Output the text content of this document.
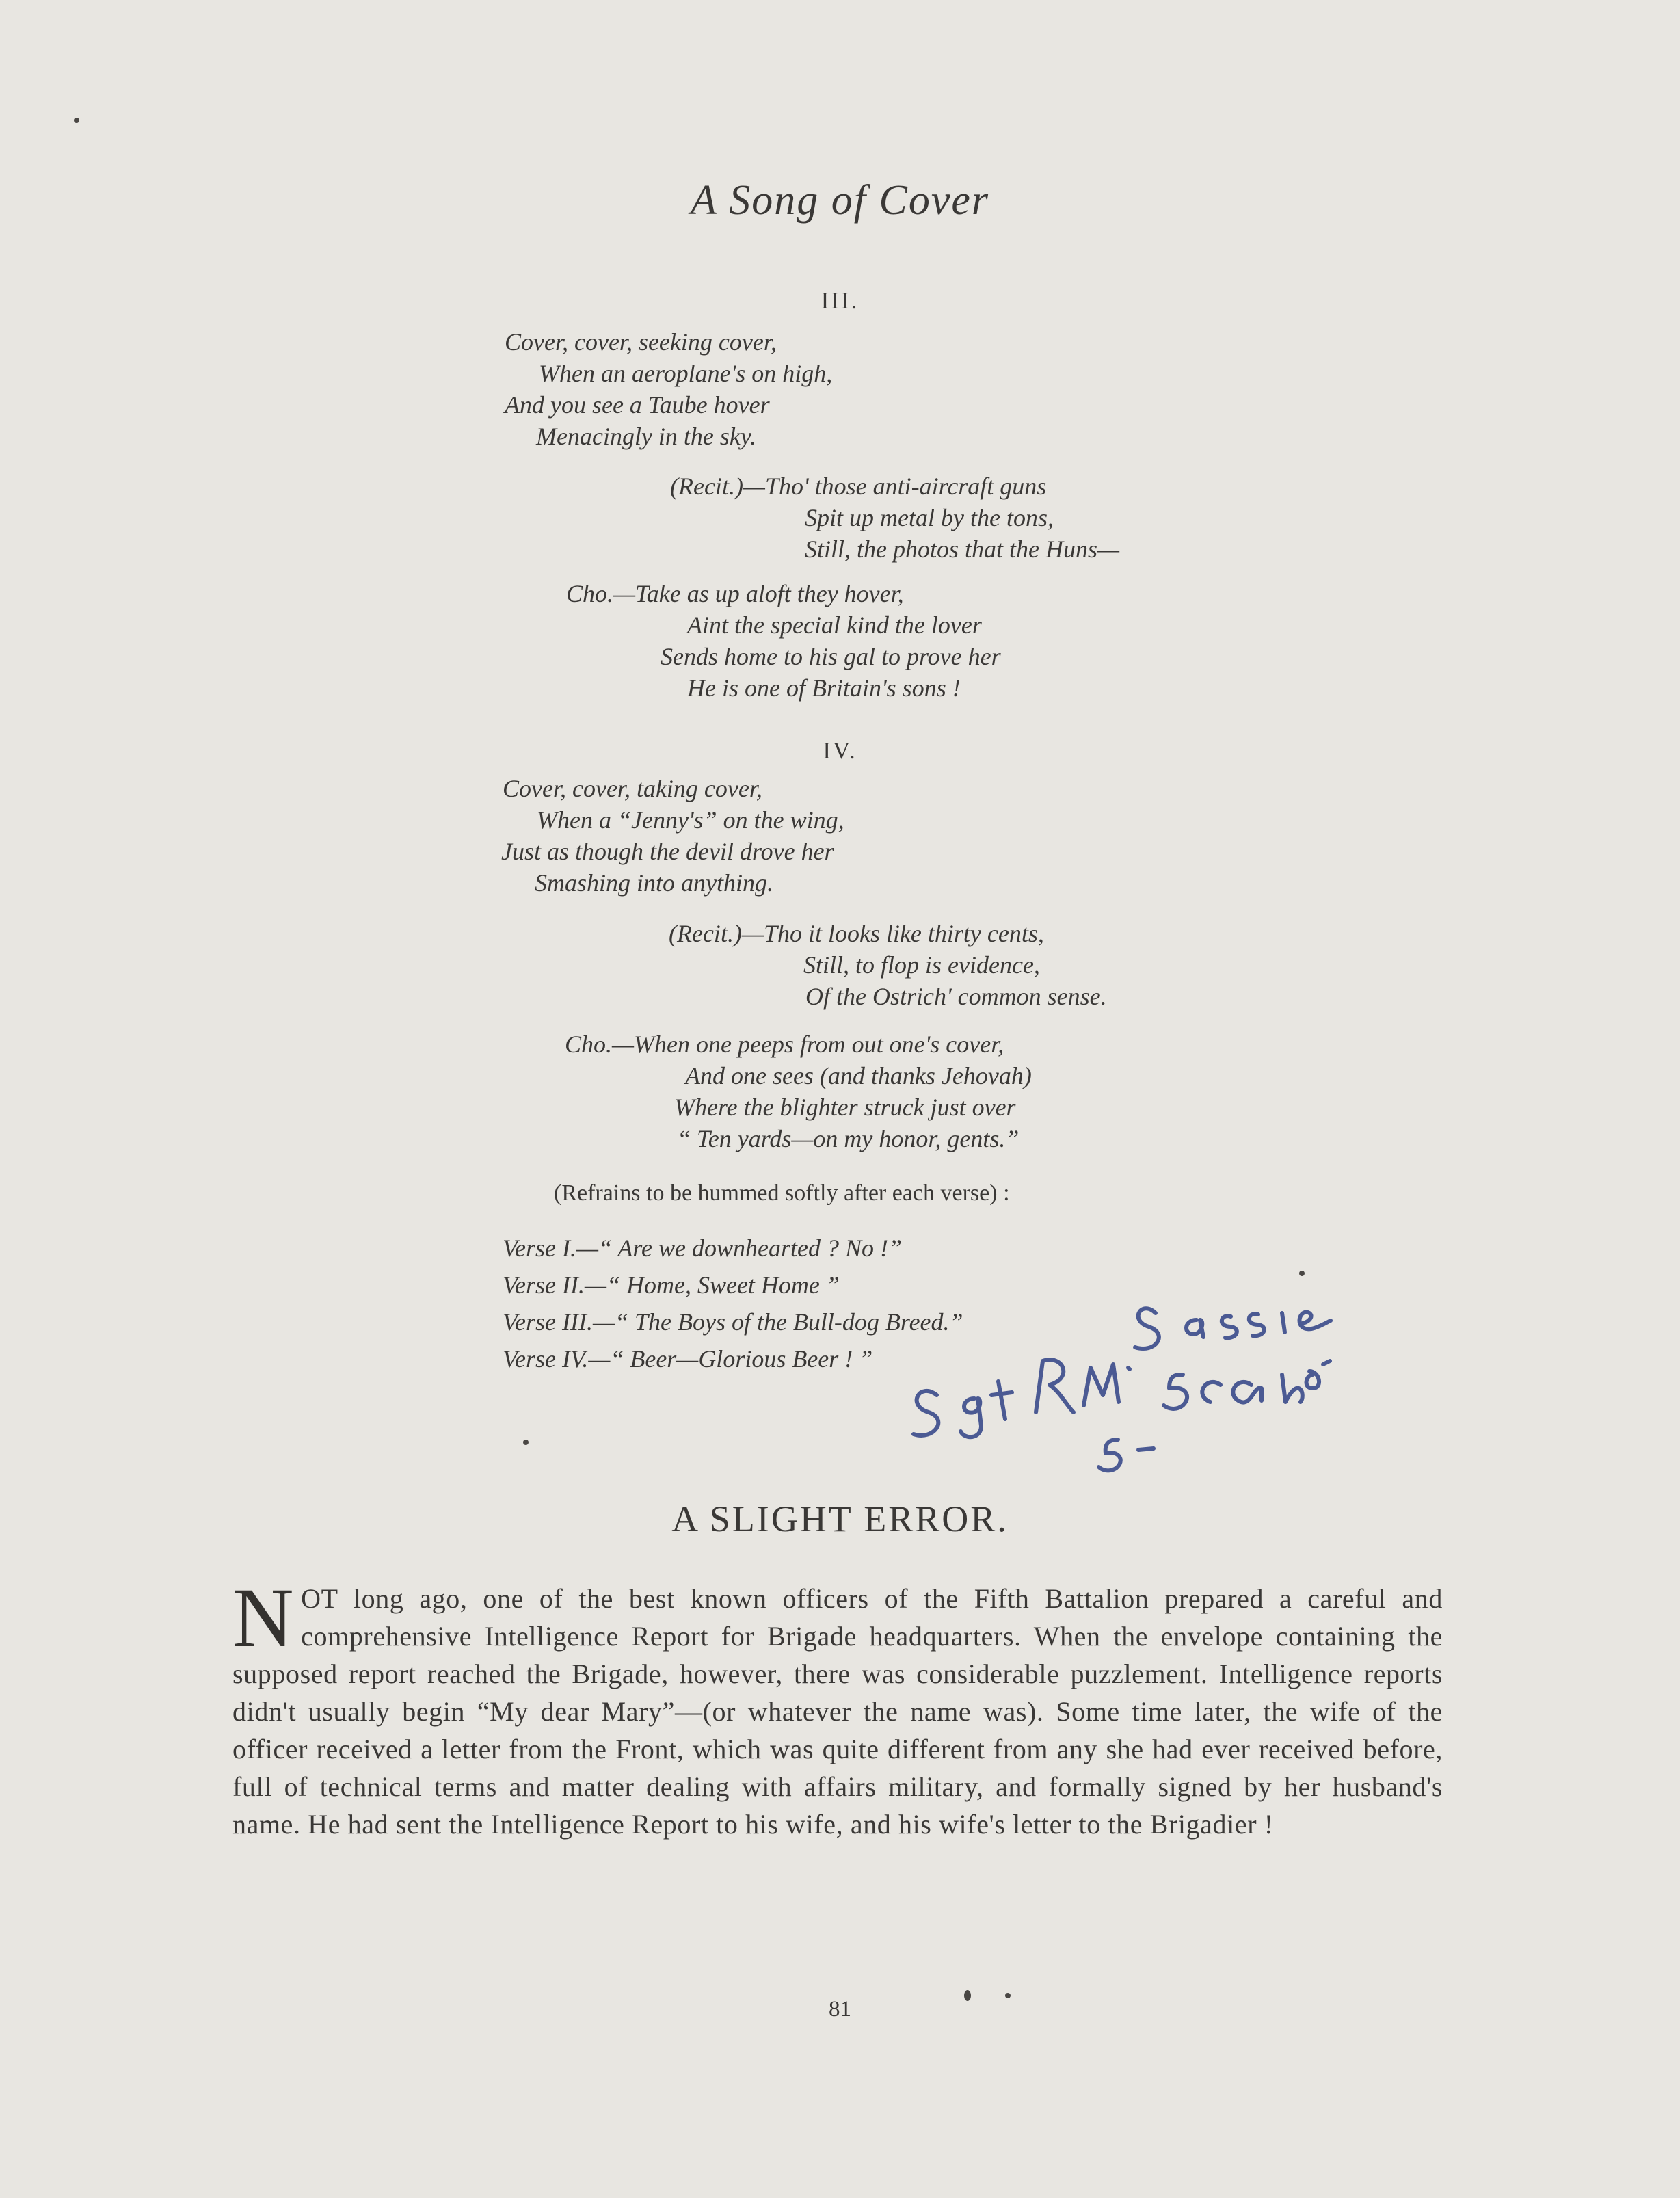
A Song of Cover
III.
Cover, cover, seeking cover,
When an aeroplane's on high,
And you see a Taube hover
Menacingly in the sky.
(Recit.)—Tho' those anti-aircraft guns
Spit up metal by the tons,
Still, the photos that the Huns—
Cho.—Take as up aloft they hover,
Aint the special kind the lover
Sends home to his gal to prove her
He is one of Britain's sons !
IV.
Cover, cover, taking cover,
When a “Jenny's” on the wing,
Just as though the devil drove her
Smashing into anything.
(Recit.)—Tho it looks like thirty cents,
Still, to flop is evidence,
Of the Ostrich' common sense.
Cho.—When one peeps from out one's cover,
And one sees (and thanks Jehovah)
Where the blighter struck just over
“ Ten yards—on my honor, gents.”
(Refrains to be hummed softly after each verse) :
Verse I.—“ Are we downhearted ? No !”
Verse II.—“ Home, Sweet Home ”
Verse III.—“ The Boys of the Bull-dog Breed.”
Verse IV.—“ Beer—Glorious Beer ! ”
A SLIGHT ERROR.
NOT long ago, one of the best known officers of the Fifth Battalion prepared a careful and comprehensive Intelligence Report for Brigade headquarters. When the envelope containing the supposed report reached the Brigade, however, there was considerable puzzlement. Intelligence reports didn't usually begin “My dear Mary”—(or whatever the name was). Some time later, the wife of the officer received a letter from the Front, which was quite different from any she had ever received before, full of technical terms and matter dealing with affairs military, and formally signed by her husband's name. He had sent the Intelligence Report to his wife, and his wife's letter to the Brigadier !
81
